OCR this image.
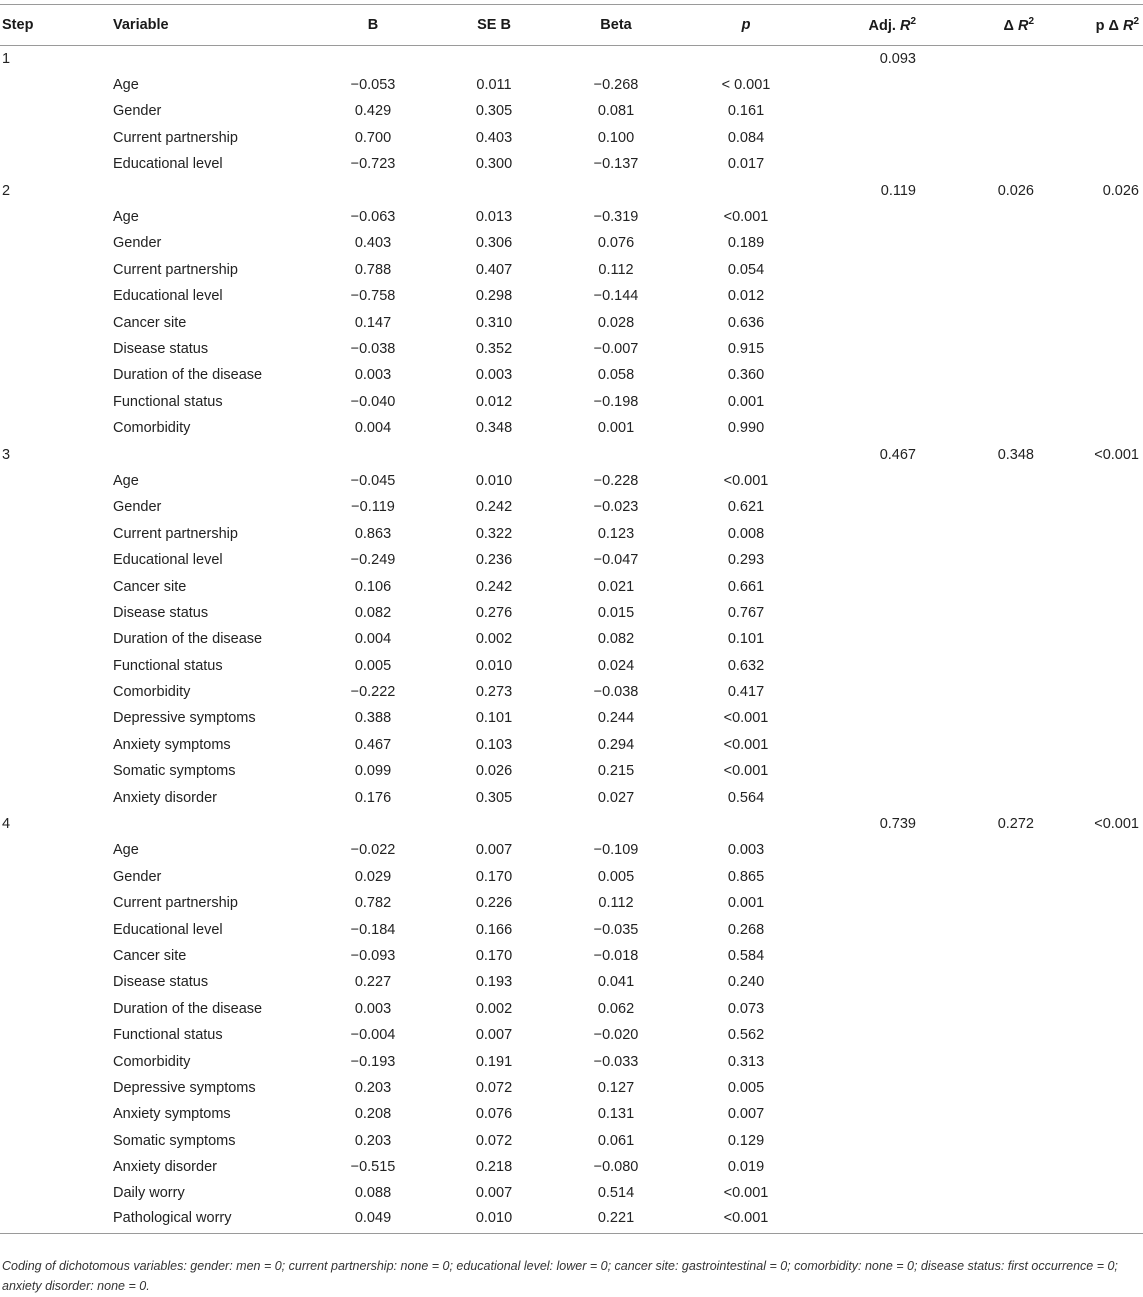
Step	Variable	B	SE B	Beta	p	Adj. $R^2$	Δ $R^2$	p Δ $R^2$
1						0.093		
	Age	−0.053	0.011	−0.268	< 0.001			
	Gender	0.429	0.305	0.081	0.161			
	Current partnership	0.700	0.403	0.100	0.084			
	Educational level	−0.723	0.300	−0.137	0.017			
2						0.119	0.026	0.026
	Age	−0.063	0.013	−0.319	<0.001			
	Gender	0.403	0.306	0.076	0.189			
	Current partnership	0.788	0.407	0.112	0.054			
	Educational level	−0.758	0.298	−0.144	0.012			
	Cancer site	0.147	0.310	0.028	0.636			
	Disease status	−0.038	0.352	−0.007	0.915			
	Duration of the disease	0.003	0.003	0.058	0.360			
	Functional status	−0.040	0.012	−0.198	0.001			
	Comorbidity	0.004	0.348	0.001	0.990			
3						0.467	0.348	<0.001
	Age	−0.045	0.010	−0.228	<0.001			
	Gender	−0.119	0.242	−0.023	0.621			
	Current partnership	0.863	0.322	0.123	0.008			
	Educational level	−0.249	0.236	−0.047	0.293			
	Cancer site	0.106	0.242	0.021	0.661			
	Disease status	0.082	0.276	0.015	0.767			
	Duration of the disease	0.004	0.002	0.082	0.101			
	Functional status	0.005	0.010	0.024	0.632			
	Comorbidity	−0.222	0.273	−0.038	0.417			
	Depressive symptoms	0.388	0.101	0.244	<0.001			
	Anxiety symptoms	0.467	0.103	0.294	<0.001			
	Somatic symptoms	0.099	0.026	0.215	<0.001			
	Anxiety disorder	0.176	0.305	0.027	0.564			
4						0.739	0.272	<0.001
	Age	−0.022	0.007	−0.109	0.003			
	Gender	0.029	0.170	0.005	0.865			
	Current partnership	0.782	0.226	0.112	0.001			
	Educational level	−0.184	0.166	−0.035	0.268			
	Cancer site	−0.093	0.170	−0.018	0.584			
	Disease status	0.227	0.193	0.041	0.240			
	Duration of the disease	0.003	0.002	0.062	0.073			
	Functional status	−0.004	0.007	−0.020	0.562			
	Comorbidity	−0.193	0.191	−0.033	0.313			
	Depressive symptoms	0.203	0.072	0.127	0.005			
	Anxiety symptoms	0.208	0.076	0.131	0.007			
	Somatic symptoms	0.203	0.072	0.061	0.129			
	Anxiety disorder	−0.515	0.218	−0.080	0.019			
	Daily worry	0.088	0.007	0.514	<0.001			
	Pathological worry	0.049	0.010	0.221	<0.001			
Coding of dichotomous variables: gender: men = 0; current partnership: none = 0; educational level: lower = 0; cancer site: gastrointestinal = 0; comorbidity: none = 0; disease status: first occurrence = 0; anxiety disorder: none = 0.
